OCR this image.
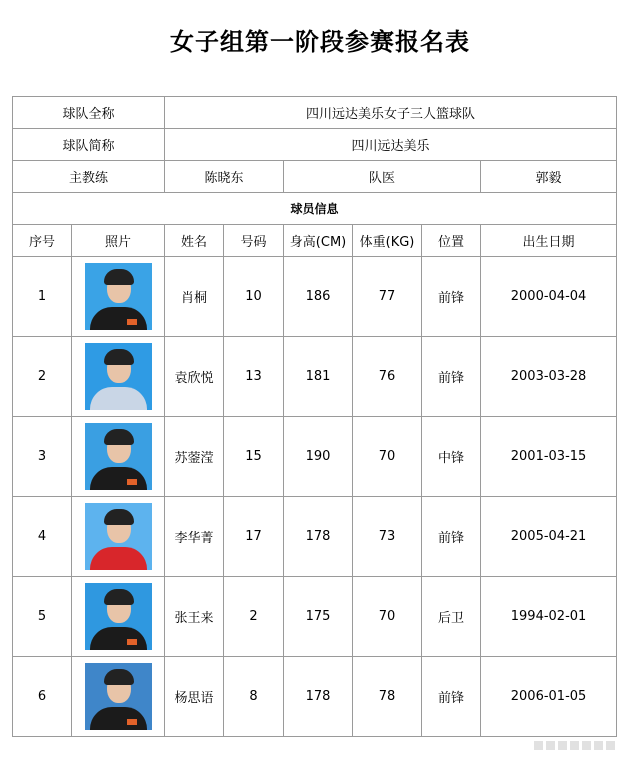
女子组第一阶段参赛报名表
球队全称		四川远达美乐女子三人篮球队					
球队简称		四川远达美乐					
主教练		陈晓东		队医			郭毅
球员信息							
序号	照片	姓名	号码	身高(CM)	体重(KG)	位置	出生日期
1		肖桐	10	186	77	前锋	2000-04-04
2		袁欣悦	13	181	76	前锋	2003-03-28
3		苏蓥滢	15	190	70	中锋	2001-03-15
4		李华菁	17	178	73	前锋	2005-04-21
5		张王来	2	175	70	后卫	1994-02-01
6		杨思语	8	178	78	前锋	2006-01-05
